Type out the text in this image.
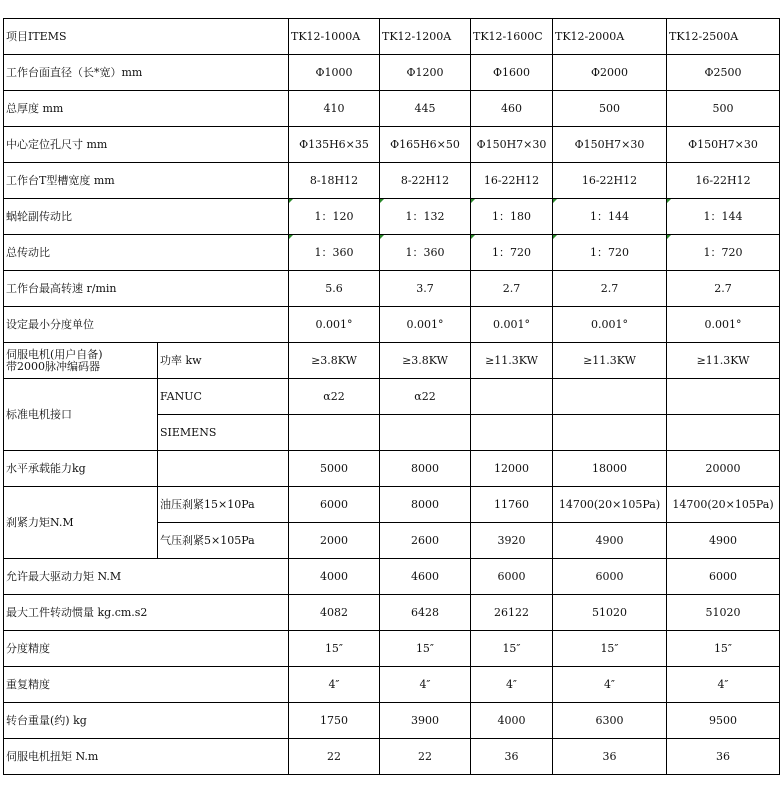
项目ITEMS		TK12-1000A	TK12-1200A	TK12-1600C	TK12-2000A	TK12-2500A
工作台面直径（长*宽）mm		Φ1000	Φ1200	Φ1600	Φ2000	Φ2500
总厚度 mm		410	445	460	500	500
中心定位孔尺寸 mm		Φ135H6×35	Φ165H6×50	Φ150H7×30	Φ150H7×30	Φ150H7×30
工作台T型槽宽度 mm		8-18H12	8-22H12	16-22H12	16-22H12	16-22H12
蜗轮副传动比		1：120	1：132	1：180	1：144	1：144
总传动比		1：360	1：360	1：720	1：720	1：720
工作台最高转速 r/min		5.6	3.7	2.7	2.7	2.7
设定最小分度单位		0.001°	0.001°	0.001°	0.001°	0.001°

伺服电机(用户自备)
带2000脉冲编码器	功率 kw	≥3.8KW	≥3.8KW	≥11.3KW	≥11.3KW	≥11.3KW
标准电机接口	FANUC	α22	α22			
	SIEMENS					
水平承载能力kg		5000	8000	12000	18000	20000
刹紧力矩N.M	油压刹紧15×10Pa	6000	8000	11760	14700(20×105Pa)	14700(20×105Pa)
	气压刹紧5×105Pa	2000	2600	3920	4900	4900
允许最大驱动力矩 N.M		4000	4600	6000	6000	6000
最大工件转动惯量 kg.cm.s2		4082	6428	26122	51020	51020
分度精度		15″	15″	15″	15″	15″
重复精度		4″	4″	4″	4″	4″
转台重量(约) kg		1750	3900	4000	6300	9500
伺服电机扭矩 N.m		22	22	36	36	36
